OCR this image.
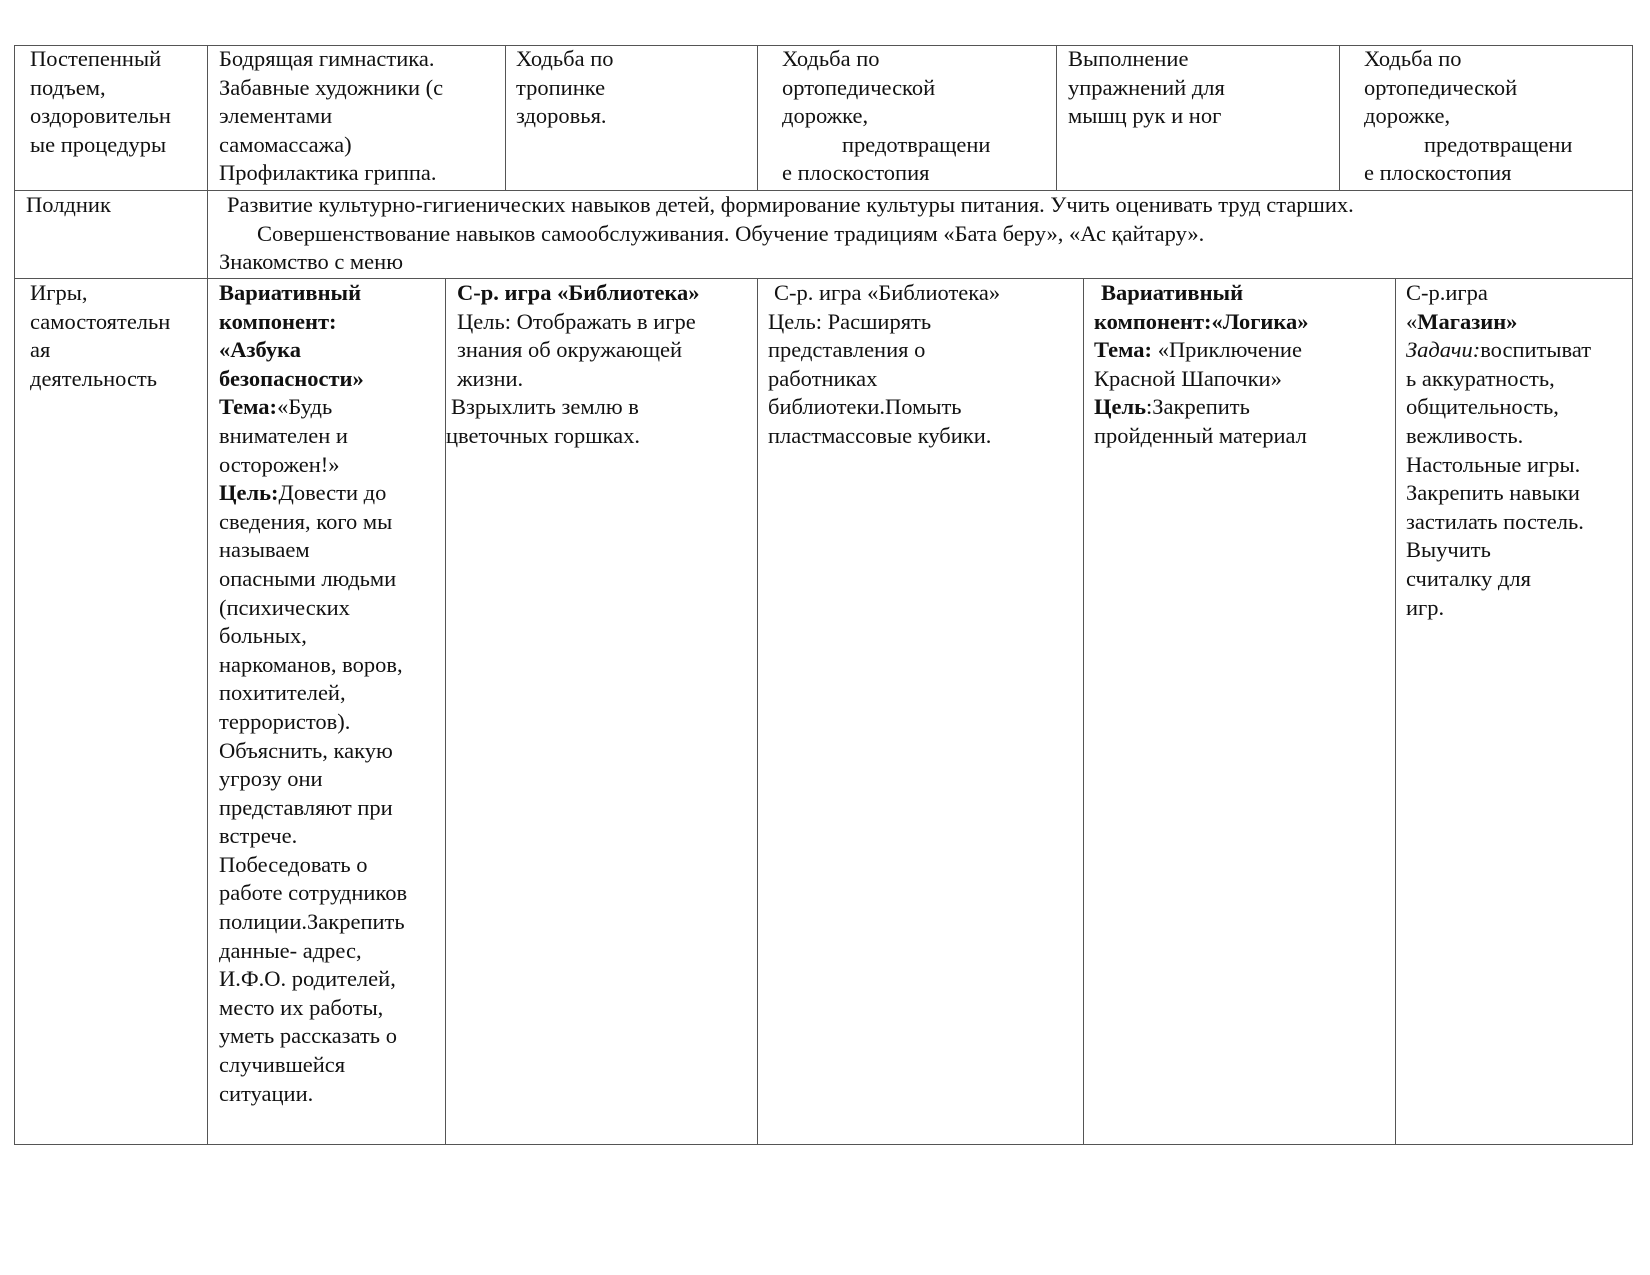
Постепенный
подъем,
оздоровительн
ые процедуры
Бодрящая гимнастика.
Забавные художники (с
элементами
самомассажа)
Профилактика гриппа.
Ходьба по
тропинке
здоровья.
Ходьба по
ортопедической
дорожке,
предотвращени
е плоскостопия
Выполнение
упражнений для
мышц рук и ног
Ходьба по
ортопедической
дорожке,
предотвращени
е плоскостопия
Полдник	Развитие культурно-гигиенических навыков детей, формирование культуры питания. Учить оценивать труд старших.
Совершенствование навыков самообслуживания. Обучение традициям «Бата беру», «Ас қайтару».
Знакомство с меню
Игры,
самостоятельн
ая
деятельность
Вариативный
компонент:
«Азбука
безопасности»
Тема:«Будь
внимателен и
осторожен!»
Цель:Довести до
сведения, кого мы
называем
опасными людьми
(психических
больных,
наркоманов, воров,
похитителей,
террористов).
Объяснить, какую
угрозу они
представляют при
встрече.
Побеседовать о
работе сотрудников
полиции.Закрепить
данные- адрес,
И.Ф.О. родителей,
место их работы,
уметь рассказать о
случившейся
ситуации.
С-р. игра «Библиотека»
Цель: Отображать в игре
знания об окружающей
жизни.
Взрыхлить землю в
цветочных горшках.
С-р. игра «Библиотека»
Цель: Расширять
представления о
работниках
библиотеки.Помыть
пластмассовые кубики.
Вариативный
компонент:«Логика»
Тема: «Приключение
Красной Шапочки»
Цель:Закрепить
пройденный материал
С-р.игра
«Магазин»
Задачи:воспитыват
ь аккуратность,
общительность,
вежливость.
Настольные игры.
Закрепить навыки
застилать постель.
Выучить
считалку для
игр.
